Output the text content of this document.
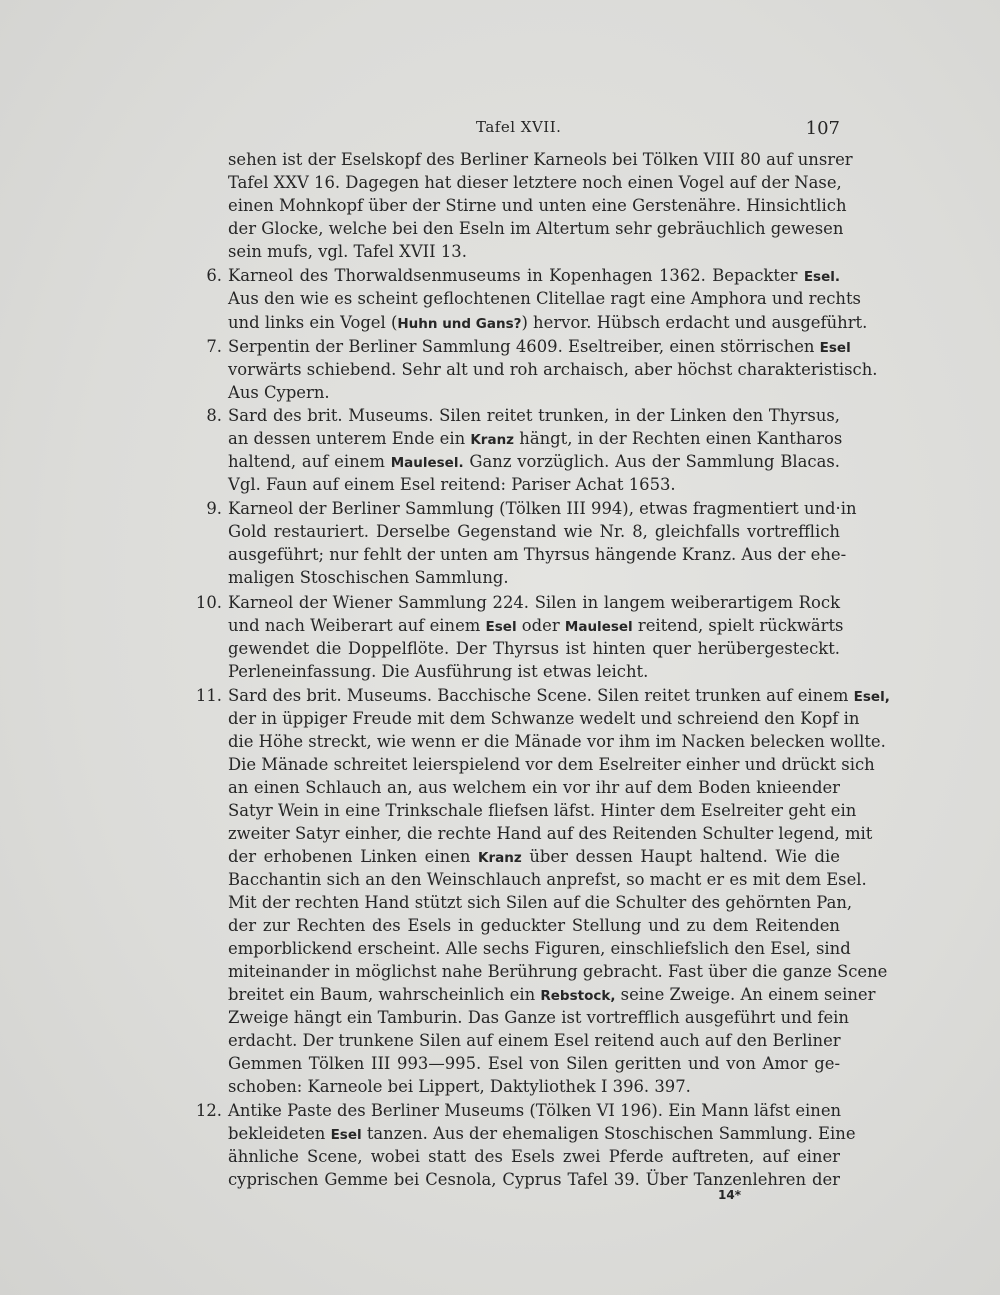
Tafel XVII.	107
sehen ist der Eselskopf des Berliner Karneols bei Tölken VIII 80 auf unsrer
Tafel XXV 16. Dagegen hat dieser letztere noch einen Vogel auf der Nase,
einen Mohnkopf über der Stirne und unten eine Gerstenähre. Hinsichtlich
der Glocke, welche bei den Eseln im Altertum sehr gebräuchlich gewesen
sein mufs, vgl. Tafel XVII 13.
6. Karneol des Thorwaldsenmuseums in Kopenhagen 1362. Bepackter Esel.
Aus den wie es scheint geflochtenen Clitellae ragt eine Amphora und rechts
und links ein Vogel (Huhn und Gans?) hervor. Hübsch erdacht und ausgeführt.
7. Serpentin der Berliner Sammlung 4609. Eseltreiber, einen störrischen Esel
vorwärts schiebend. Sehr alt und roh archaisch, aber höchst charakteristisch.
Aus Cypern.
8. Sard des brit. Museums. Silen reitet trunken, in der Linken den Thyrsus,
an dessen unterem Ende ein Kranz hängt, in der Rechten einen Kantharos
haltend, auf einem Maulesel. Ganz vorzüglich. Aus der Sammlung Blacas.
Vgl. Faun auf einem Esel reitend: Pariser Achat 1653.
9. Karneol der Berliner Sammlung (Tölken III 994), etwas fragmentiert und·in
Gold restauriert. Derselbe Gegenstand wie Nr. 8, gleichfalls vortrefflich
ausgeführt; nur fehlt der unten am Thyrsus hängende Kranz. Aus der ehe-
maligen Stoschischen Sammlung.
10. Karneol der Wiener Sammlung 224. Silen in langem weiberartigem Rock
und nach Weiberart auf einem Esel oder Maulesel reitend, spielt rückwärts
gewendet die Doppelflöte. Der Thyrsus ist hinten quer herübergesteckt.
Perleneinfassung. Die Ausführung ist etwas leicht.
11. Sard des brit. Museums. Bacchische Scene. Silen reitet trunken auf einem Esel,
der in üppiger Freude mit dem Schwanze wedelt und schreiend den Kopf in
die Höhe streckt, wie wenn er die Mänade vor ihm im Nacken belecken wollte.
Die Mänade schreitet leierspielend vor dem Eselreiter einher und drückt sich
an einen Schlauch an, aus welchem ein vor ihr auf dem Boden knieender
Satyr Wein in eine Trinkschale fliefsen läfst. Hinter dem Eselreiter geht ein
zweiter Satyr einher, die rechte Hand auf des Reitenden Schulter legend, mit
der erhobenen Linken einen Kranz über dessen Haupt haltend. Wie die
Bacchantin sich an den Weinschlauch anprefst, so macht er es mit dem Esel.
Mit der rechten Hand stützt sich Silen auf die Schulter des gehörnten Pan,
der zur Rechten des Esels in geduckter Stellung und zu dem Reitenden
emporblickend erscheint. Alle sechs Figuren, einschliefslich den Esel, sind
miteinander in möglichst nahe Berührung gebracht. Fast über die ganze Scene
breitet ein Baum, wahrscheinlich ein Rebstock, seine Zweige. An einem seiner
Zweige hängt ein Tamburin. Das Ganze ist vortrefflich ausgeführt und fein
erdacht. Der trunkene Silen auf einem Esel reitend auch auf den Berliner
Gemmen Tölken III 993—995. Esel von Silen geritten und von Amor ge-
schoben: Karneole bei Lippert, Daktyliothek I 396. 397.
12. Antike Paste des Berliner Museums (Tölken VI 196). Ein Mann läfst einen
bekleideten Esel tanzen. Aus der ehemaligen Stoschischen Sammlung. Eine
ähnliche Scene, wobei statt des Esels zwei Pferde auftreten, auf einer
cyprischen Gemme bei Cesnola, Cyprus Tafel 39. Über Tanzenlehren der
14*
